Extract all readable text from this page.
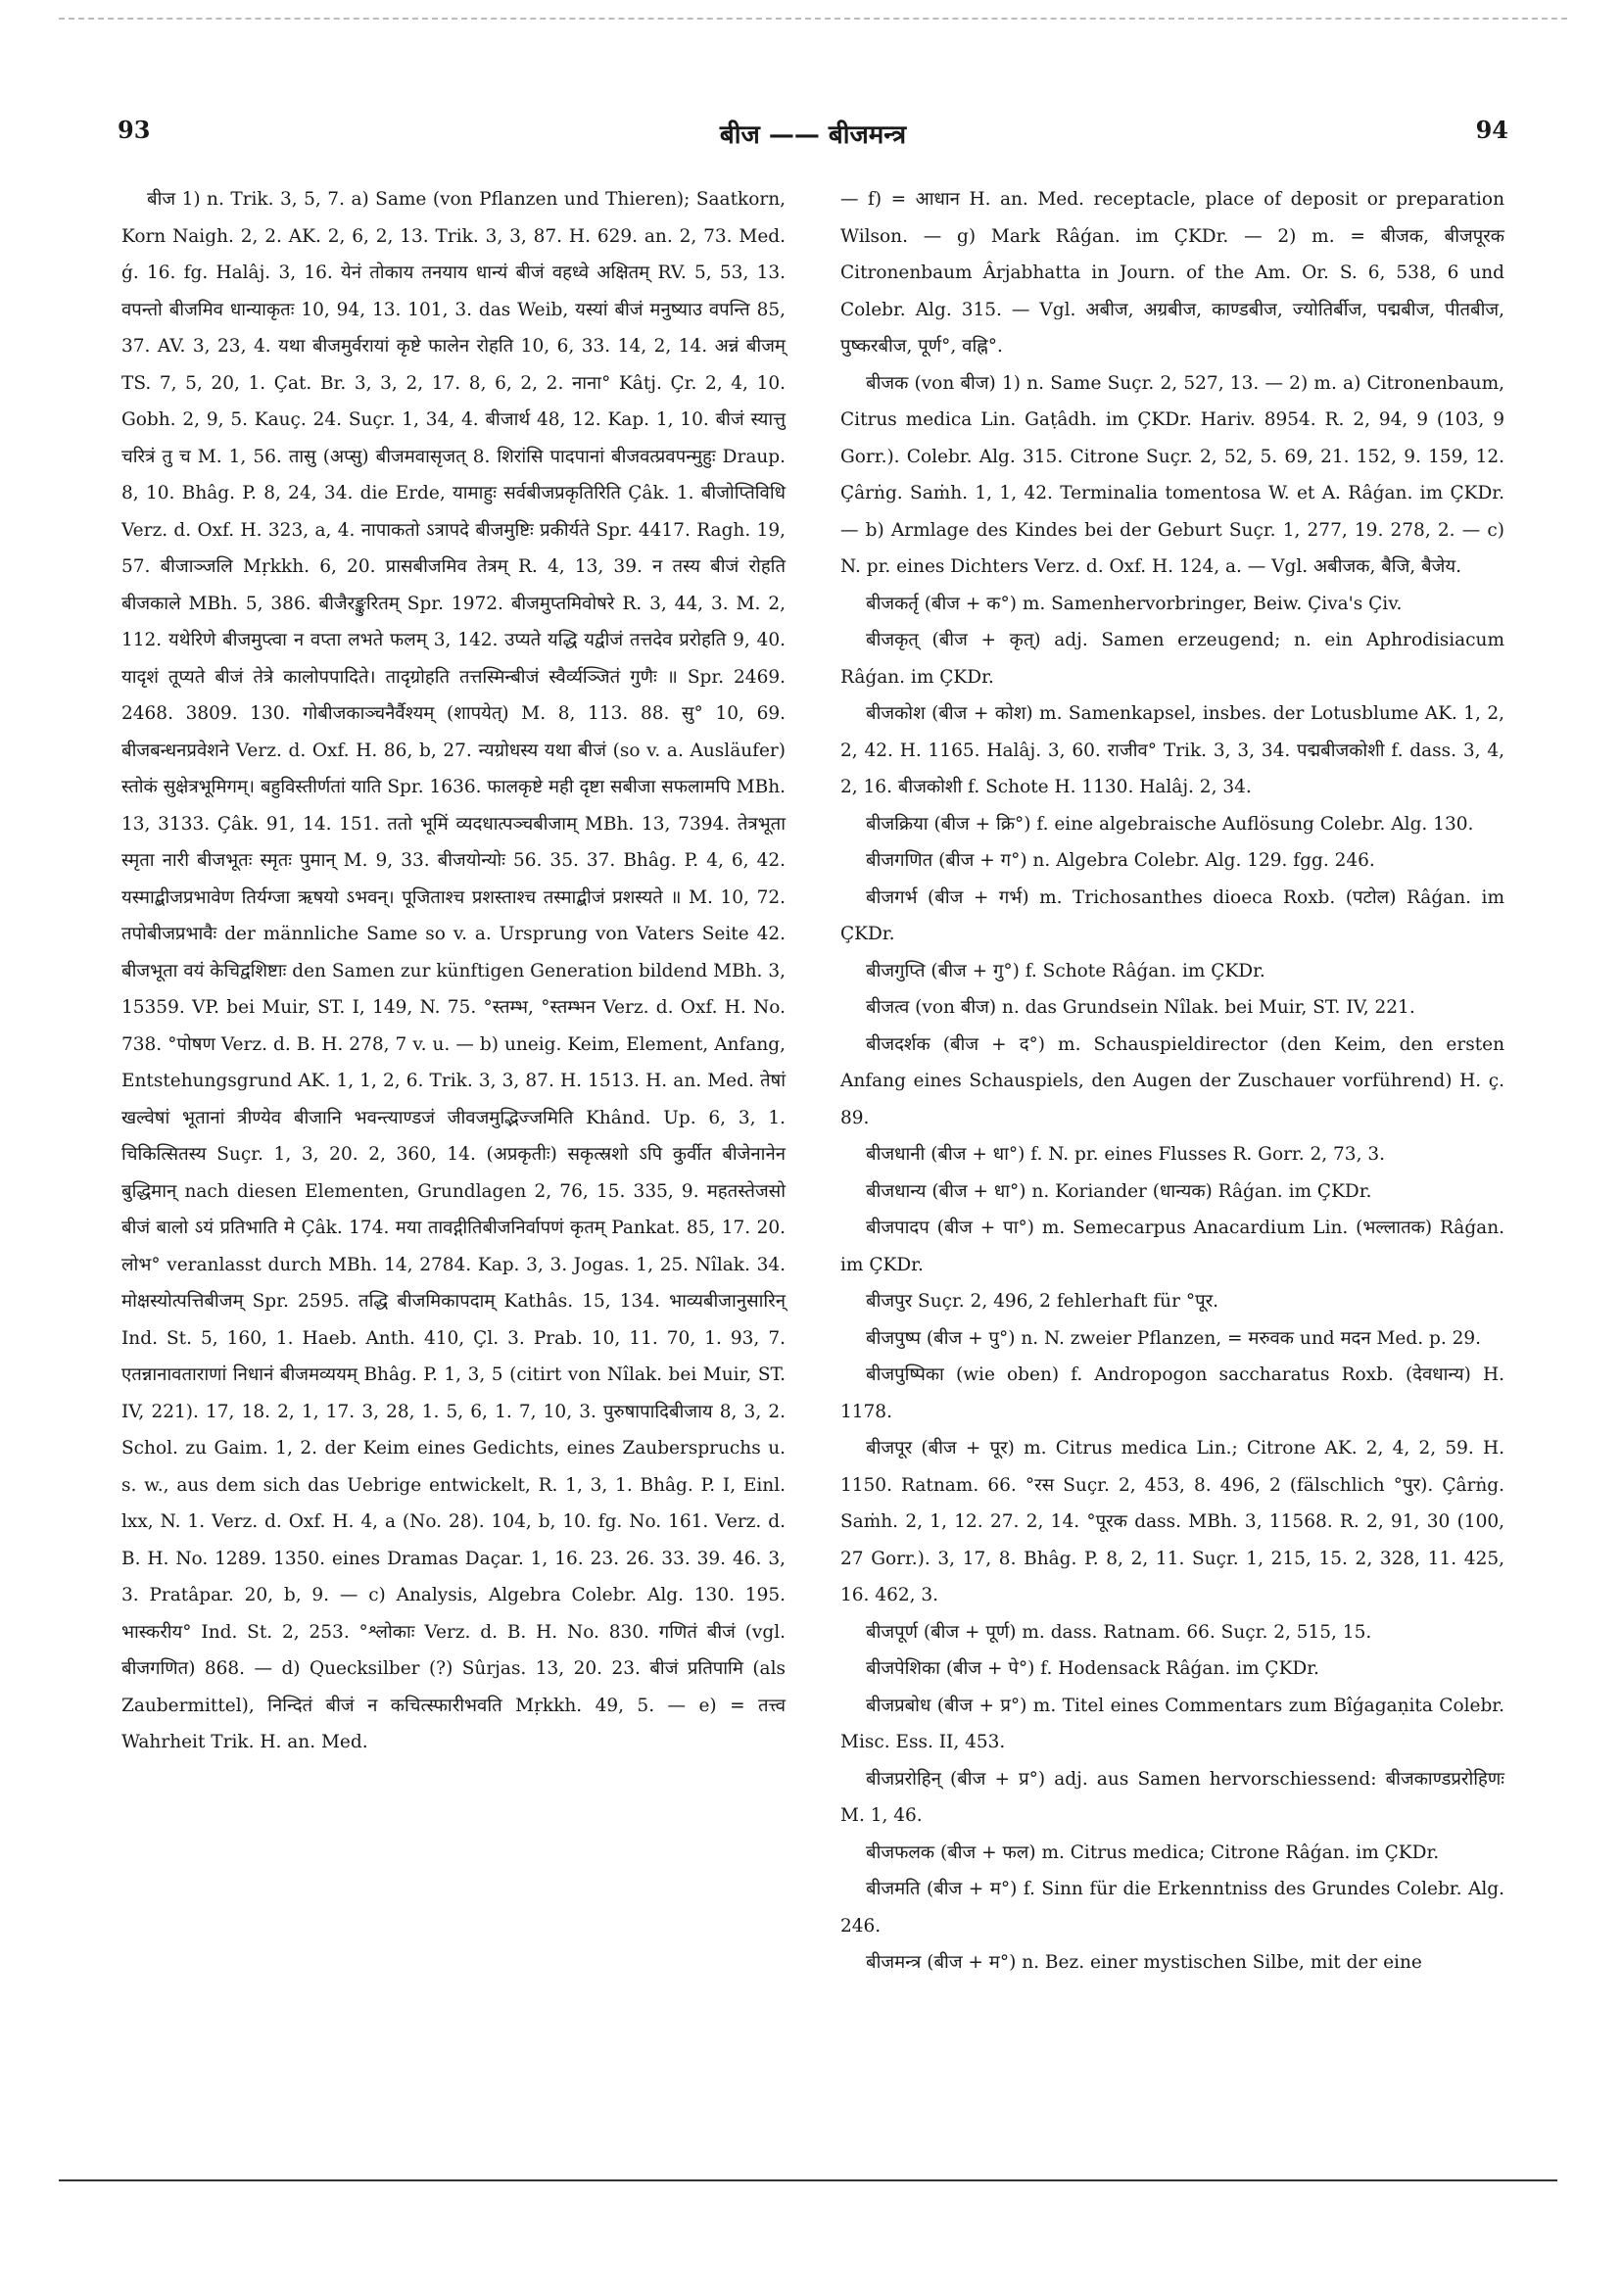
93	बीज —— बीजमन्त्र	94

बीज 1) n. Trik. 3, 5, 7. a) Same (von Pflanzen und Thieren); Saatkorn, Korn Naigh. 2, 2. AK. 2, 6, 2, 13. Trik. 3, 3, 87. H. 629. an. 2, 73. Med. ǵ. 16. fg. Halâj. 3, 16. येनं तोकाय तनयाय धान्यं बीजं वहध्वे अक्षितम् RV. 5, 53, 13. वपन्तो बीजमिव धान्याकृतः 10, 94, 13. 101, 3. das Weib, यस्यां बीजं मनुष्याउ वपन्ति 85, 37. AV. 3, 23, 4. यथा बीजमुर्वरायां कृष्टे फालेन रोहति 10, 6, 33. 14, 2, 14. अन्नं बीजम् TS. 7, 5, 20, 1. Çat. Br. 3, 3, 2, 17. 8, 6, 2, 2. नाना° Kâtj. Çr. 2, 4, 10. Gobh. 2, 9, 5. Kauç. 24. Suçr. 1, 34, 4. बीजार्थ 48, 12. Kap. 1, 10. बीजं स्यात्तु चरित्रं तु च M. 1, 56. तासु (अप्सु) बीजमवासृजत् 8. शिरांसि पादपानां बीजवत्प्रवपन्मुहुः Draup. 8, 10. Bhâg. P. 8, 24, 34. die Erde, यामाहुः सर्वबीजप्रकृतिरिति Çâk. 1. बीजोप्तिविधि Verz. d. Oxf. H. 323, a, 4. नापाकतो ऽत्रापदे बीजमुष्टिः प्रकीर्यते Spr. 4417. Ragh. 19, 57. बीजाञ्जलि Mṛkkh. 6, 20. प्रासबीजमिव तेत्रम् R. 4, 13, 39. न तस्य बीजं रोहति बीजकाले MBh. 5, 386. बीजैरङ्कुरितम् Spr. 1972. बीजमुप्तमिवोषरे R. 3, 44, 3. M. 2, 112. यथेरिणे बीजमुप्त्वा न वप्ता लभते फलम् 3, 142. उप्यते यद्धि यद्वीजं तत्तदेव प्ररोहति 9, 40. यादृशं तूप्यते बीजं तेत्रे कालोपपादिते। तादृग्रोहति तत्तस्मिन्बीजं स्वैर्व्यञ्जितं गुणैः ॥ Spr. 2469. 2468. 3809. 130. गोबीजकाञ्चनैर्वैश्यम् (शापयेत्) M. 8, 113. 88. सु° 10, 69. बीजबन्धनप्रवेशने Verz. d. Oxf. H. 86, b, 27. न्यग्रोधस्य यथा बीजं (so v. a. Ausläufer) स्तोकं सुक्षेत्रभूमिगम्। बहुविस्तीर्णतां याति Spr. 1636. फालकृष्टे मही दृष्टा सबीजा सफलामपि MBh. 13, 3133. Çâk. 91, 14. 151. ततो भूमिं व्यदधात्पञ्चबीजाम् MBh. 13, 7394. तेत्रभूता स्मृता नारी बीजभूतः स्मृतः पुमान् M. 9, 33. बीजयोन्योः 56. 35. 37. Bhâg. P. 4, 6, 42. यस्माद्बीजप्रभावेण तिर्यग्जा ऋषयो ऽभवन्। पूजिताश्च प्रशस्ताश्च तस्माद्बीजं प्रशस्यते ॥ M. 10, 72. तपोबीजप्रभावैः der männliche Same so v. a. Ursprung von Vaters Seite 42. बीजभूता वयं केचिद्वशिष्टाः den Samen zur künftigen Generation bildend MBh. 3, 15359. VP. bei Muir, ST. I, 149, N. 75. °स्तम्भ, °स्तम्भन Verz. d. Oxf. H. No. 738. °पोषण Verz. d. B. H. 278, 7 v. u. — b) uneig. Keim, Element, Anfang, Entstehungsgrund AK. 1, 1, 2, 6. Trik. 3, 3, 87. H. 1513. H. an. Med. तेषां खल्वेषां भूतानां त्रीण्येव बीजानि भवन्त्याण्डजं जीवजमुद्भिज्जमिति Khând. Up. 6, 3, 1. चिकित्सितस्य Suçr. 1, 3, 20. 2, 360, 14. (अप्रकृतीः) सकृत्स्रशो ऽपि कुर्वीत बीजेनानेन बुद्धिमान् nach diesen Elementen, Grundlagen 2, 76, 15. 335, 9. महतस्तेजसो बीजं बालो ऽयं प्रतिभाति मे Çâk. 174. मया तावद्गीतिबीजनिर्वापणं कृतम् Pankat. 85, 17. 20. लोभ° veranlasst durch MBh. 14, 2784. Kap. 3, 3. Jogas. 1, 25. Nîlak. 34. मोक्षस्योत्पत्तिबीजम् Spr. 2595. तद्धि बीजमिकापदाम् Kathâs. 15, 134. भाव्यबीजानुसारिन् Ind. St. 5, 160, 1. Haeb. Anth. 410, Çl. 3. Prab. 10, 11. 70, 1. 93, 7. एतन्नानावताराणां निधानं बीजमव्ययम् Bhâg. P. 1, 3, 5 (citirt von Nîlak. bei Muir, ST. IV, 221). 17, 18. 2, 1, 17. 3, 28, 1. 5, 6, 1. 7, 10, 3. पुरुषापादिबीजाय 8, 3, 2. Schol. zu Gaim. 1, 2. der Keim eines Gedichts, eines Zauberspruchs u. s. w., aus dem sich das Uebrige entwickelt, R. 1, 3, 1. Bhâg. P. I, Einl. lxx, N. 1. Verz. d. Oxf. H. 4, a (No. 28). 104, b, 10. fg. No. 161. Verz. d. B. H. No. 1289. 1350. eines Dramas Daçar. 1, 16. 23. 26. 33. 39. 46. 3, 3. Pratâpar. 20, b, 9. — c) Analysis, Algebra Colebr. Alg. 130. 195. भास्करीय° Ind. St. 2, 253. °श्लोकाः Verz. d. B. H. No. 830. गणितं बीजं (vgl. बीजगणित) 868. — d) Quecksilber (?) Sûrjas. 13, 20. 23. बीजं प्रतिपामि (als Zaubermittel), निन्दितं बीजं न कचित्स्फारीभवति Mṛkkh. 49, 5. — e) = तत्त्व Wahrheit Trik. H. an. Med.

— f) = आधान H. an. Med. receptacle, place of deposit or preparation Wilson. — g) Mark Râǵan. im ÇKDr. — 2) m. = बीजक, बीजपूरक Citronenbaum Ârjabhatta in Journ. of the Am. Or. S. 6, 538, 6 und Colebr. Alg. 315. — Vgl. अबीज, अग्रबीज, काण्डबीज, ज्योतिर्बीज, पद्मबीज, पीतबीज, पुष्करबीज, पूर्ण°, वह्नि°.

बीजक (von बीज) 1) n. Same Suçr. 2, 527, 13. — 2) m. a) Citronenbaum, Citrus medica Lin. Gaṭâdh. im ÇKDr. Hariv. 8954. R. 2, 94, 9 (103, 9 Gorr.). Colebr. Alg. 315. Citrone Suçr. 2, 52, 5. 69, 21. 152, 9. 159, 12. Çârṅg. Saṁh. 1, 1, 42. Terminalia tomentosa W. et A. Râǵan. im ÇKDr. — b) Armlage des Kindes bei der Geburt Suçr. 1, 277, 19. 278, 2. — c) N. pr. eines Dichters Verz. d. Oxf. H. 124, a. — Vgl. अबीजक, बैजि, बैजेय.

बीजकर्तृ (बीज + क°) m. Samenhervorbringer, Beiw. Çiva's Çiv.

बीजकृत् (बीज + कृत्) adj. Samen erzeugend; n. ein Aphrodisiacum Râǵan. im ÇKDr.

बीजकोश (बीज + कोश) m. Samenkapsel, insbes. der Lotusblume AK. 1, 2, 2, 42. H. 1165. Halâj. 3, 60. राजीव° Trik. 3, 3, 34. पद्मबीजकोशी f. dass. 3, 4, 2, 16. बीजकोशी f. Schote H. 1130. Halâj. 2, 34.

बीजक्रिया (बीज + क्रि°) f. eine algebraische Auflösung Colebr. Alg. 130.

बीजगणित (बीज + ग°) n. Algebra Colebr. Alg. 129. fgg. 246.

बीजगर्भ (बीज + गर्भ) m. Trichosanthes dioeca Roxb. (पटोल) Râǵan. im ÇKDr.

बीजगुप्ति (बीज + गु°) f. Schote Râǵan. im ÇKDr.

बीजत्व (von बीज) n. das Grundsein Nîlak. bei Muir, ST. IV, 221.

बीजदर्शक (बीज + द°) m. Schauspieldirector (den Keim, den ersten Anfang eines Schauspiels, den Augen der Zuschauer vorführend) H. ç. 89.

बीजधानी (बीज + धा°) f. N. pr. eines Flusses R. Gorr. 2, 73, 3.

बीजधान्य (बीज + धा°) n. Koriander (धान्यक) Râǵan. im ÇKDr.

बीजपादप (बीज + पा°) m. Semecarpus Anacardium Lin. (भल्लातक) Râǵan. im ÇKDr.

बीजपुर Suçr. 2, 496, 2 fehlerhaft für °पूर.

बीजपुष्प (बीज + पु°) n. N. zweier Pflanzen, = मरुवक und मदन Med. p. 29.

बीजपुष्पिका (wie oben) f. Andropogon saccharatus Roxb. (देवधान्य) H. 1178.

बीजपूर (बीज + पूर) m. Citrus medica Lin.; Citrone AK. 2, 4, 2, 59. H. 1150. Ratnam. 66. °रस Suçr. 2, 453, 8. 496, 2 (fälschlich °पुर). Çârṅg. Saṁh. 2, 1, 12. 27. 2, 14. °पूरक dass. MBh. 3, 11568. R. 2, 91, 30 (100, 27 Gorr.). 3, 17, 8. Bhâg. P. 8, 2, 11. Suçr. 1, 215, 15. 2, 328, 11. 425, 16. 462, 3.

बीजपूर्ण (बीज + पूर्ण) m. dass. Ratnam. 66. Suçr. 2, 515, 15.

बीजपेशिका (बीज + पे°) f. Hodensack Râǵan. im ÇKDr.

बीजप्रबोध (बीज + प्र°) m. Titel eines Commentars zum Bîǵagaṇita Colebr. Misc. Ess. II, 453.

बीजप्ररोहिन् (बीज + प्र°) adj. aus Samen hervorschiessend: बीजकाण्डप्ररोहिणः M. 1, 46.

बीजफलक (बीज + फल) m. Citrus medica; Citrone Râǵan. im ÇKDr.

बीजमति (बीज + म°) f. Sinn für die Erkenntniss des Grundes Colebr. Alg. 246.

बीजमन्त्र (बीज + म°) n. Bez. einer mystischen Silbe, mit der eine
